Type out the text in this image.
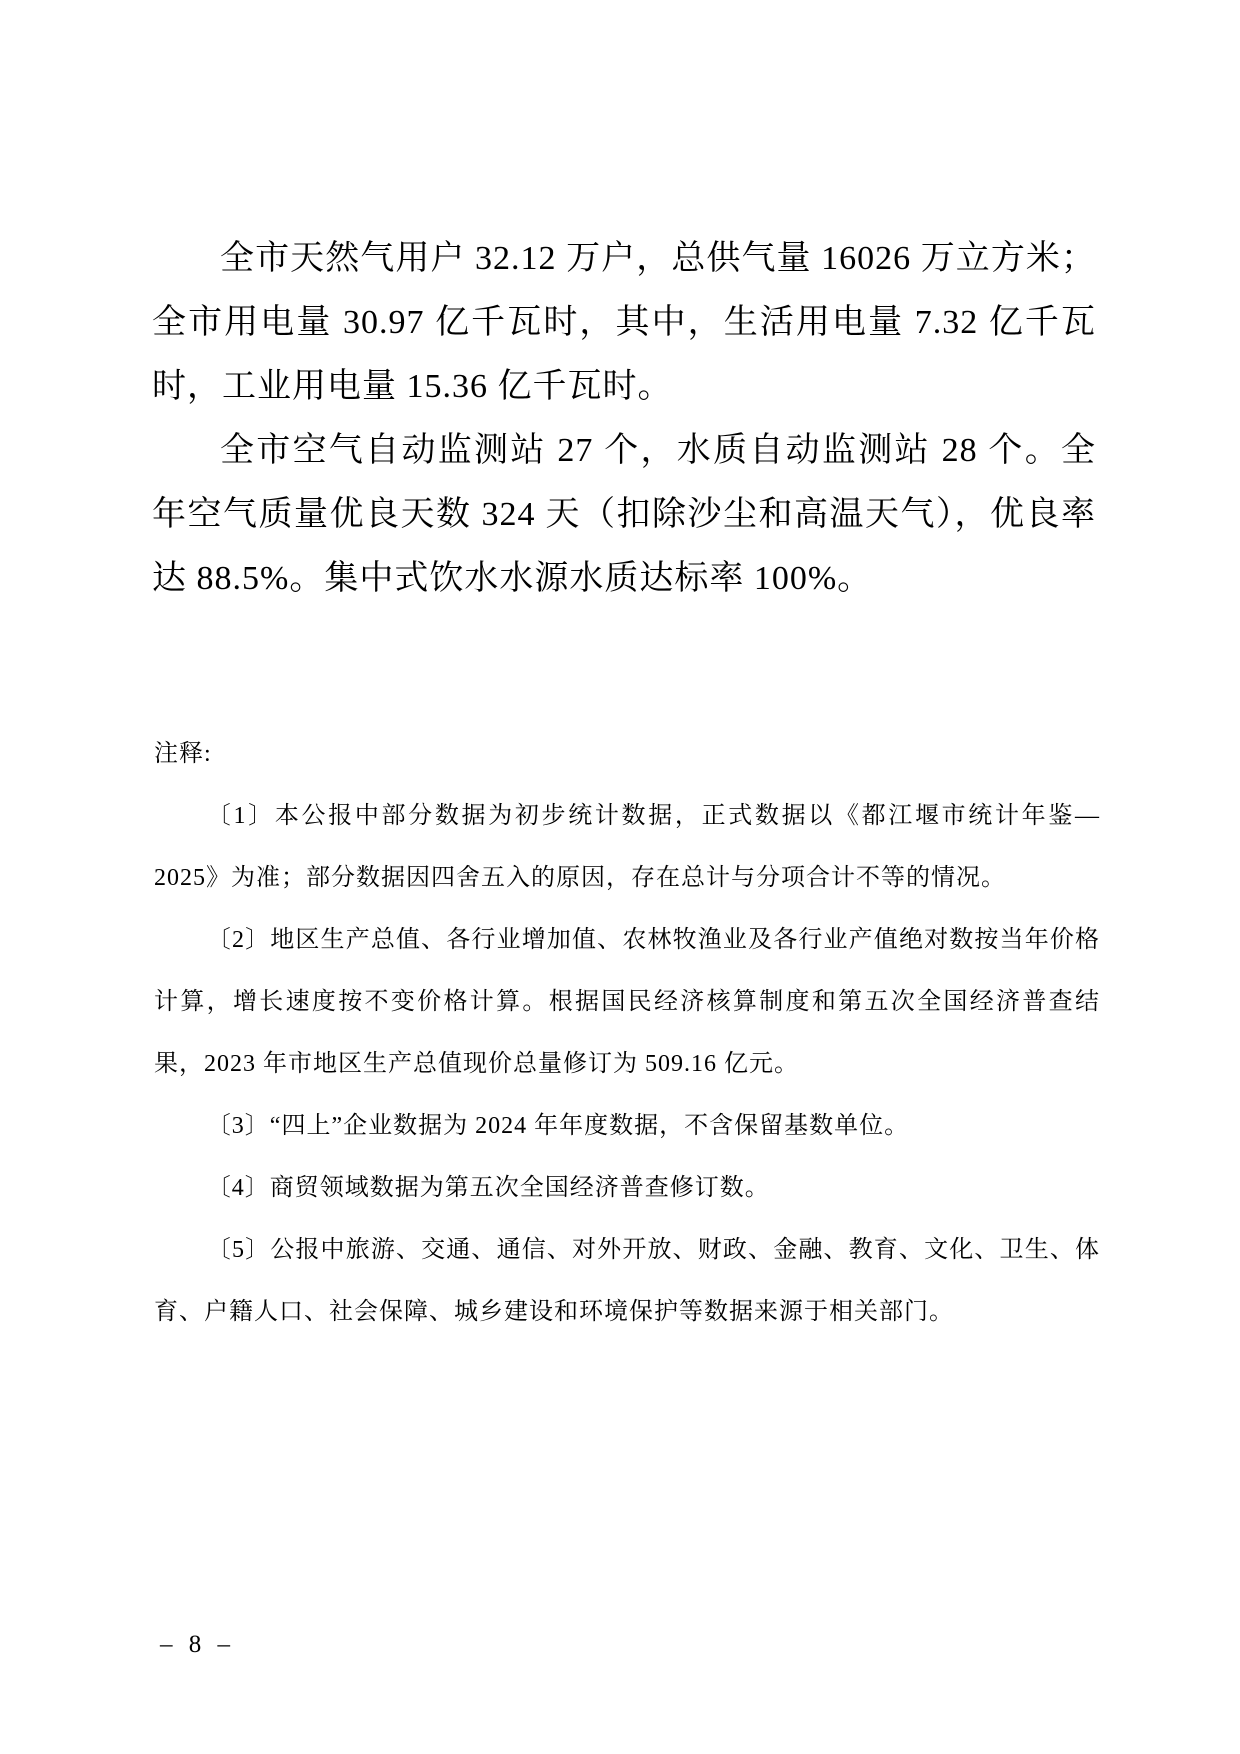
全市天然气用户 32.12 万户，总供气量 16026 万立方米；全市用电量 30.97 亿千瓦时，其中，生活用电量 7.32 亿千瓦时，工业用电量 15.36 亿千瓦时。

全市空气自动监测站 27 个，水质自动监测站 28 个。全年空气质量优良天数 324 天（扣除沙尘和高温天气），优良率达 88.5%。集中式饮水水源水质达标率 100%。

注释:

〔1〕本公报中部分数据为初步统计数据，正式数据以《都江堰市统计年鉴—2025》为准；部分数据因四舍五入的原因，存在总计与分项合计不等的情况。

〔2〕地区生产总值、各行业增加值、农林牧渔业及各行业产值绝对数按当年价格计算，增长速度按不变价格计算。根据国民经济核算制度和第五次全国经济普查结果，2023 年市地区生产总值现价总量修订为 509.16 亿元。

〔3〕“四上”企业数据为 2024 年年度数据，不含保留基数单位。

〔4〕商贸领域数据为第五次全国经济普查修订数。

〔5〕公报中旅游、交通、通信、对外开放、财政、金融、教育、文化、卫生、体育、户籍人口、社会保障、城乡建设和环境保护等数据来源于相关部门。

– 8 –
